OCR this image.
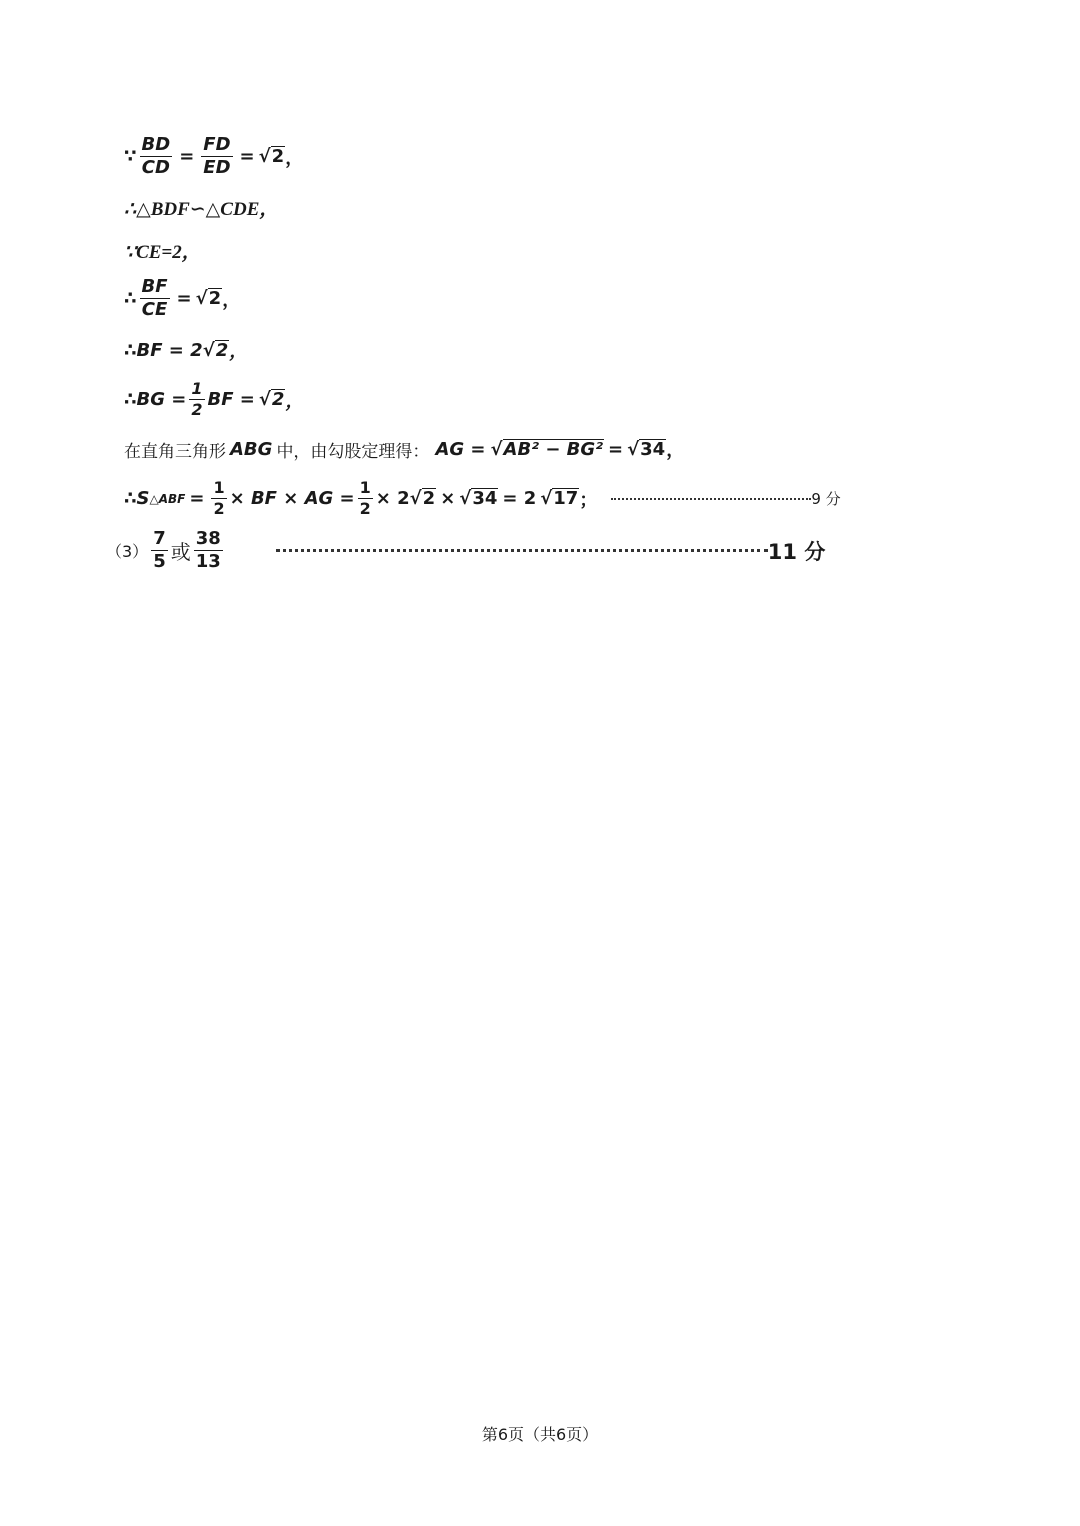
∵ $\frac{BD}{CD} = \frac{FD}{ED}$ = √ 2 ，
∴△BDF∽△CDE，
∵CE=2，
∴ $\frac{BF}{CE}$ = √ 2 ，
∴BF = 2 √ 2 ，
∴BG = $\frac{1}{2}$ BF = √ 2 ，
在直角三角形 ABG 中，由勾股定理得： AG = √ AB² − BG² = √ 34 ，
∴ S △ABF = $\frac{1}{2}$ × BF × AG = $\frac{1}{2} \times 2$ √ 2 × √ 34 = 2 √ 17 ；	9 分
$(3) \frac{7}{5}$ 或 $\frac{38}{13}$	11 分
第6页（共6页）
